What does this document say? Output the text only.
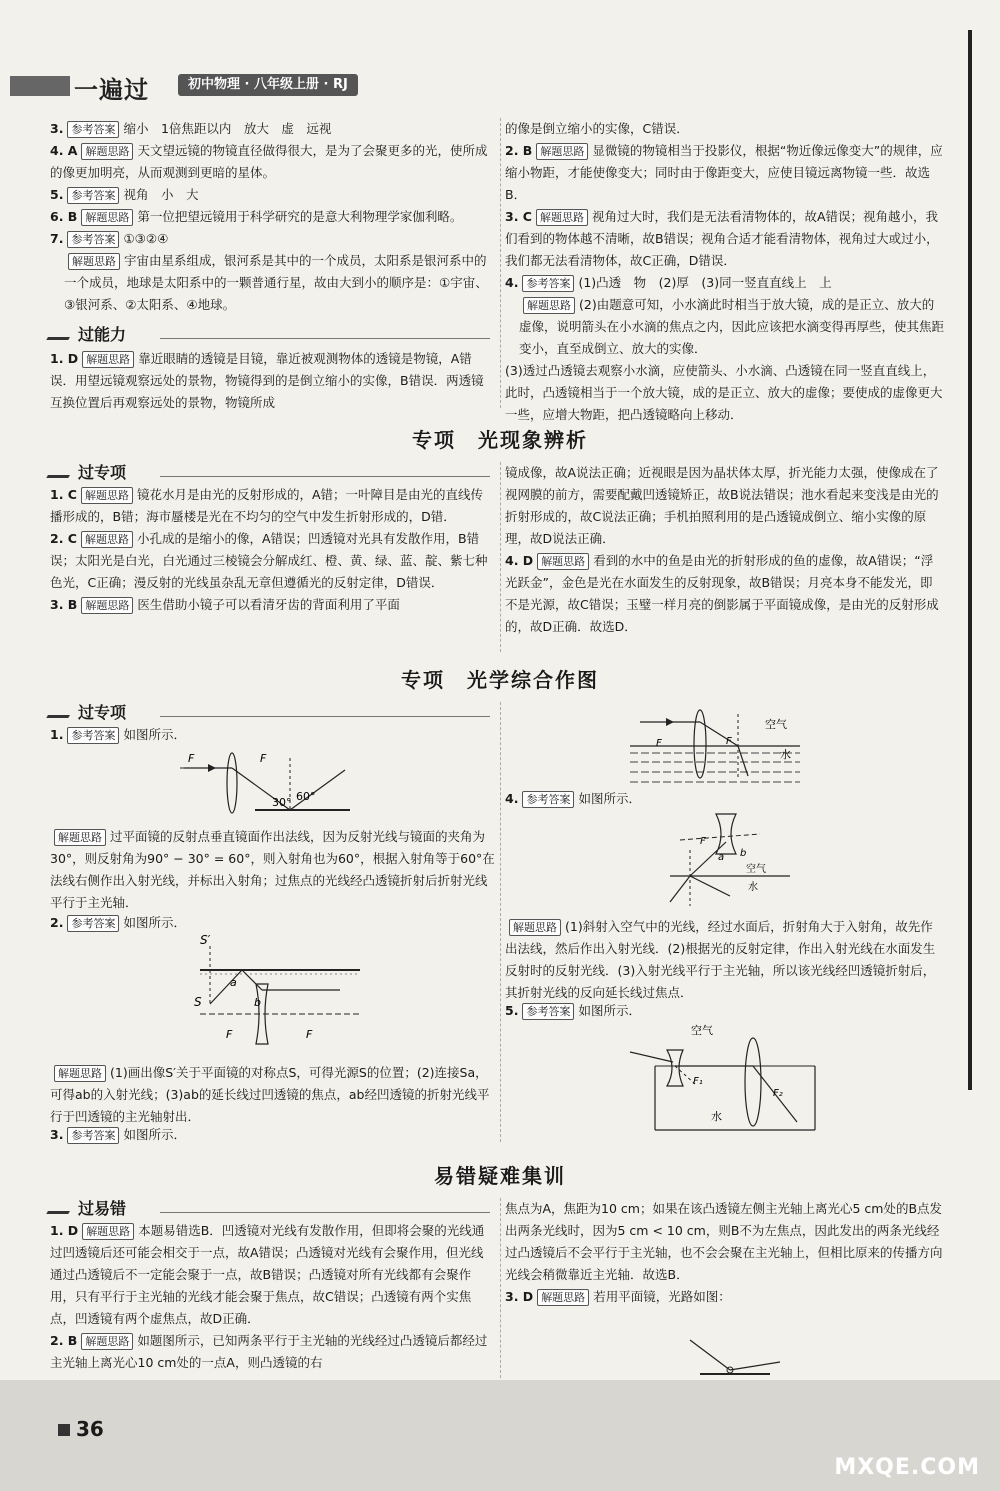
一遍过	初中物理 · 八年级上册 · RJ

3. 参考答案 缩小　1倍焦距以内　放大　虚　远视

4. A 解题思路 天文望远镜的物镜直径做得很大，是为了会聚更多的光，使所成的像更加明亮，从而观测到更暗的星体。

5. 参考答案 视角　小　大

6. B 解题思路 第一位把望远镜用于科学研究的是意大利物理学家伽利略。

7. 参考答案 ①③②④

解题思路 宇宙由星系组成，银河系是其中的一个成员，太阳系是银河系中的一个成员，地球是太阳系中的一颗普通行星，故由大到小的顺序是：①宇宙、③银河系、②太阳系、④地球。

过能力

1. D 解题思路 靠近眼睛的透镜是目镜，靠近被观测物体的透镜是物镜，A错误．用望远镜观察远处的景物，物镜得到的是倒立缩小的实像，B错误．两透镜互换位置后再观察远处的景物，物镜所成

的像是倒立缩小的实像，C错误．

2. B 解题思路 显微镜的物镜相当于投影仪，根据“物近像远像变大”的规律，应缩小物距，才能使像变大；同时由于像距变大，应使目镜远离物镜一些．故选B．

3. C 解题思路 视角过大时，我们是无法看清物体的，故A错误；视角越小，我们看到的物体越不清晰，故B错误；视角合适才能看清物体，视角过大或过小，我们都无法看清物体，故C正确，D错误．

4. 参考答案 (1)凸透　物　(2)厚　(3)同一竖直直线上　上

解题思路 (2)由题意可知，小水滴此时相当于放大镜，成的是正立、放大的虚像，说明箭头在小水滴的焦点之内，因此应该把水滴变得再厚些，使其焦距变小，直至成倒立、放大的实像．

(3)透过凸透镜去观察小水滴，应使箭头、小水滴、凸透镜在同一竖直直线上，此时，凸透镜相当于一个放大镜，成的是正立、放大的虚像；要使成的虚像更大一些，应增大物距，把凸透镜略向上移动．

专项　光现象辨析
过专项

1. C 解题思路 镜花水月是由光的反射形成的，A错；一叶障目是由光的直线传播形成的，B错；海市蜃楼是光在不均匀的空气中发生折射形成的，D错．

2. C 解题思路 小孔成的是缩小的像，A错误；凹透镜对光具有发散作用，B错误；太阳光是白光，白光通过三棱镜会分解成红、橙、黄、绿、蓝、靛、紫七种色光，C正确；漫反射的光线虽杂乱无章但遵循光的反射定律，D错误．

3. B 解题思路 医生借助小镜子可以看清牙齿的背面利用了平面

镜成像，故A说法正确；近视眼是因为晶状体太厚，折光能力太强，使像成在了视网膜的前方，需要配戴凹透镜矫正，故B说法错误；池水看起来变浅是由光的折射形成的，故C说法正确；手机拍照利用的是凸透镜成倒立、缩小实像的原理，故D说法正确．

4. D 解题思路 看到的水中的鱼是由光的折射形成的鱼的虚像，故A错误；“浮光跃金”，金色是光在水面发生的反射现象，故B错误；月亮本身不能发光，即不是光源，故C错误；玉璧一样月亮的倒影属于平面镜成像，是由光的反射形成的，故D正确．故选D．

专项　光学综合作图
过专项

1. 参考答案 如图所示．

F	F
30° 60°

解题思路 过平面镜的反射点垂直镜面作出法线，因为反射光线与镜面的夹角为30°，则反射角为90° − 30° = 60°，则入射角也为60°，根据入射角等于60°在法线右侧作出入射光线，并标出入射角；过焦点的光线经凸透镜折射后折射光线平行于主光轴．

2. 参考答案 如图所示．

S′
S
a
b
F	F

解题思路 (1)画出像S′关于平面镜的对称点S，可得光源S的位置；(2)连接Sa，可得ab的入射光线；(3)ab的延长线过凹透镜的焦点，ab经凹透镜的折射光线平行于凹透镜的主光轴射出．

3. 参考答案 如图所示．

F	F
空气
水

4. 参考答案 如图所示．

F
a b
空气
水

解题思路 (1)斜射入空气中的光线，经过水面后，折射角大于入射角，故先作出法线，然后作出入射光线．(2)根据光的反射定律，作出入射光线在水面发生反射时的反射光线．(3)入射光线平行于主光轴，所以该光线经凹透镜折射后，其折射光线的反向延长线过焦点．

5. 参考答案 如图所示．

空气
水
F₁
F₂
易错疑难集训
过易错

1. D 解题思路 本题易错选B．凹透镜对光线有发散作用，但即将会聚的光线通过凹透镜后还可能会相交于一点，故A错误；凸透镜对光线有会聚作用，但光线通过凸透镜后不一定能会聚于一点，故B错误；凸透镜对所有光线都有会聚作用，只有平行于主光轴的光线才能会聚于焦点，故C错误；凸透镜有两个实焦点，凹透镜有两个虚焦点，故D正确．

2. B 解题思路 如题图所示，已知两条平行于主光轴的光线经过凸透镜后都经过主光轴上离光心10 cm处的一点A，则凸透镜的右

焦点为A，焦距为10 cm；如果在该凸透镜左侧主光轴上离光心5 cm处的B点发出两条光线时，因为5 cm < 10 cm，则B不为左焦点，因此发出的两条光线经过凸透镜后不会平行于主光轴，也不会会聚在主光轴上，但相比原来的传播方向光线会稍微靠近主光轴．故选B．

3. D 解题思路 若用平面镜，光路如图：

36
MXQE.COM
